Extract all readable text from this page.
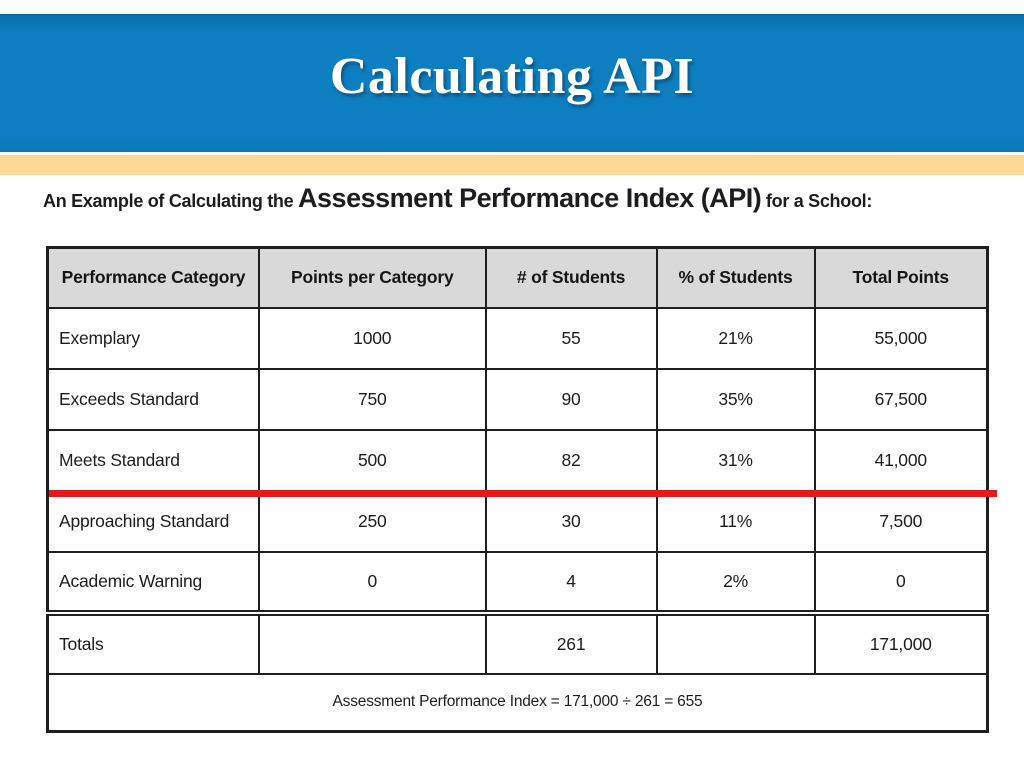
Calculating API
An Example of Calculating the Assessment Performance Index (API) for a School:
Performance Category	Points per Category	# of Students	% of Students	Total Points
Exemplary	1000	55	21%	55,000
Exceeds Standard	750	90	35%	67,500
Meets Standard	500	82	31%	41,000
Approaching Standard	250	30	11%	7,500
Academic Warning	0	4	2%	0
Totals		261		171,000
Assessment Performance Index = 171,000 ÷ 261 = 655				
